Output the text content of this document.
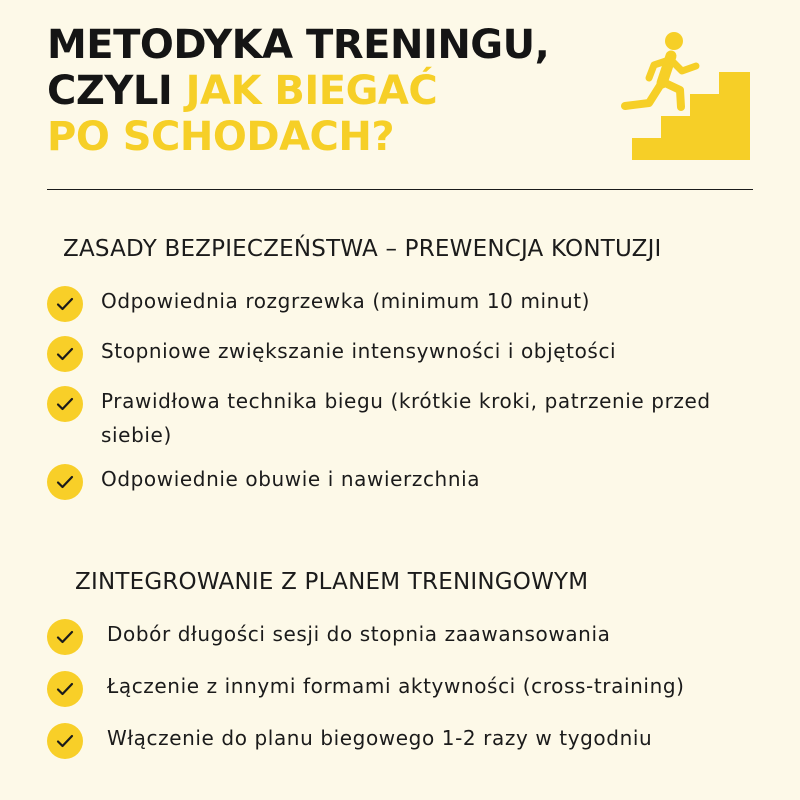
METODYKA TRENINGU,
CZYLI JAK BIEGAĆ
PO SCHODACH?
ZASADY BEZPIECZEŃSTWA – PREWENCJA KONTUZJI
Odpowiednia rozgrzewka (minimum 10 minut)
Stopniowe zwiększanie intensywności i objętości
Prawidłowa technika biegu (krótkie kroki, patrzenie przed siebie)
Odpowiednie obuwie i nawierzchnia
ZINTEGROWANIE Z PLANEM TRENINGOWYM
Dobór długości sesji do stopnia zaawansowania
Łączenie z innymi formami aktywności (cross-training)
Włączenie do planu biegowego 1-2 razy w tygodniu
